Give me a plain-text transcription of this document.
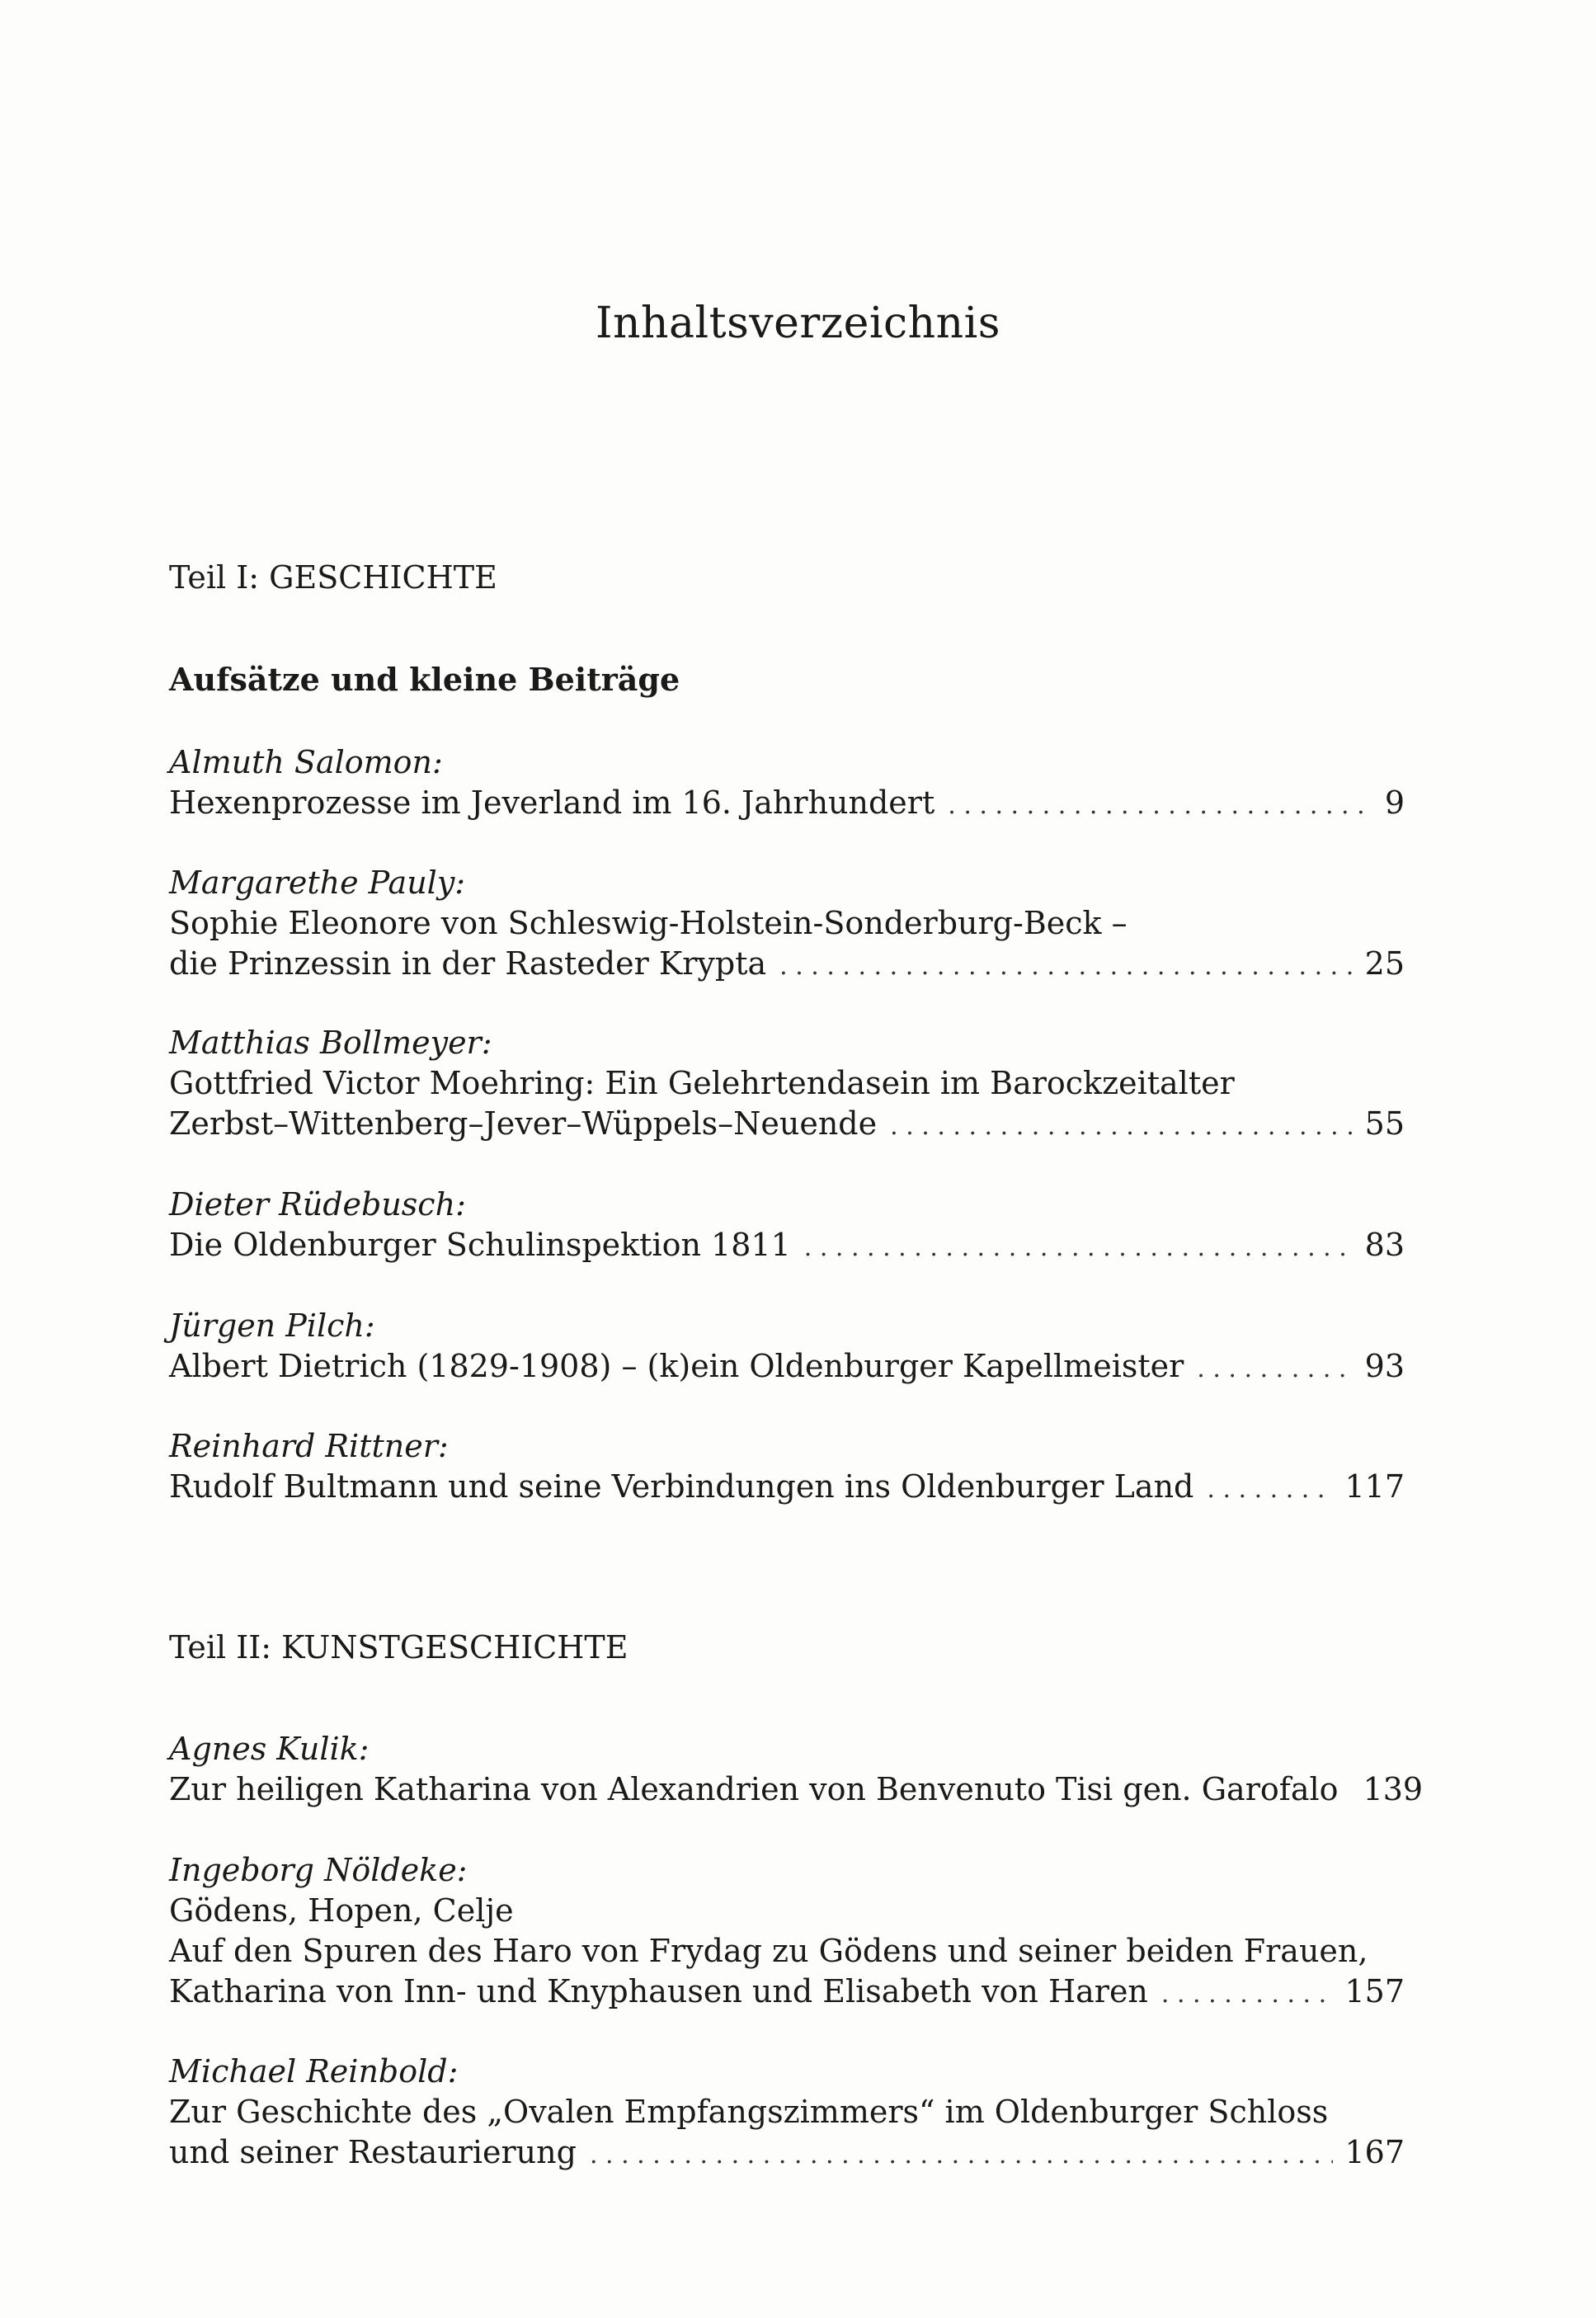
Inhaltsverzeichnis
Teil I: GESCHICHTE
Aufsätze und kleine Beiträge
Almuth Salomon:
Hexenprozesse im Jeverland im 16. Jahrhundert . . .	9
Margarethe Pauly:
Sophie Eleonore von Schleswig-Holstein-Sonderburg-Beck –
die Prinzessin in der Rasteder Krypta . . .	25
Matthias Bollmeyer:
Gottfried Victor Moehring: Ein Gelehrtendasein im Barockzeitalter
Zerbst–Wittenberg–Jever–Wüppels–Neuende . . .	55
Dieter Rüdebusch:
Die Oldenburger Schulinspektion 1811 . . .	83
Jürgen Pilch:
Albert Dietrich (1829-1908) – (k)ein Oldenburger Kapellmeister . . .	93
Reinhard Rittner:
Rudolf Bultmann und seine Verbindungen ins Oldenburger Land . . .	117
Teil II: KUNSTGESCHICHTE
Agnes Kulik:
Zur heiligen Katharina von Alexandrien von Benvenuto Tisi gen. Garofalo 139
Ingeborg Nöldeke:
Gödens, Hopen, Celje
Auf den Spuren des Haro von Frydag zu Gödens und seiner beiden Frauen,
Katharina von Inn- und Knyphausen und Elisabeth von Haren . . .	157
Michael Reinbold:
Zur Geschichte des „Ovalen Empfangszimmers“ im Oldenburger Schloss
und seiner Restaurierung . . .	167
